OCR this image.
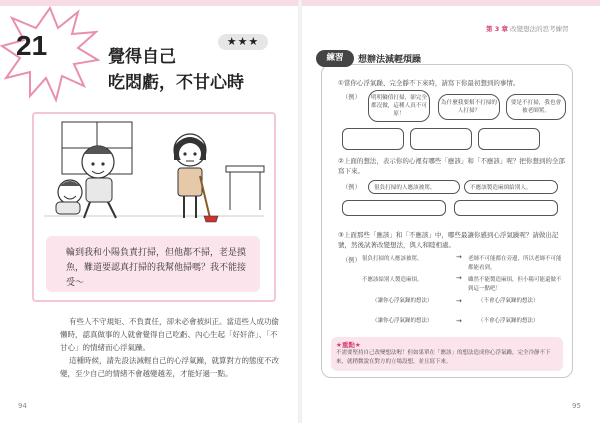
21	覺得自己
吃悶虧，不甘心時
★★★

輪到我和小陽負責打掃，但他都不掃，老是摸魚，難道要認真打掃的我幫他掃嗎？我不能接受～

有些人不守規矩、不負責任，卻未必會被糾正。當這些人成功偷懶時，認真做事的人就會覺得自己吃虧、內心生起「好奸詐」、「不甘心」的情緒而心浮氣躁。

這種時候，請先設法減輕自己的心浮氣躁，就算對方的態度不改變，至少自己的情緒不會越變越差，才能好過一點。

94
第 3 章 改變想法的思考練習
練習	想辦法減輕煩躁
①當你心浮氣躁、完全靜不下來時，請寫下你最初想到的事情。
（例）	明明輪值打掃，卻完全都沒做，這種人真不可原！
為什麼我要幫不打掃的人打掃？
要是不打掃，我也會被老師罵。
②上面的想法，表示你的心裡有哪些「應該」和「不應該」呢？把你想到的全部寫下來。
（例）	很負打掃的人應該被罵。	不應該製造麻煩給別人。
③上面那些「應該」和「不應該」中，哪些最讓你感到心浮氣躁呢？請做出記號，然後試著改變想法，與人和睦相處。
（例） 很負打掃的人應該被罵。	→ 老師不可能都在旁邊，所以老師不可能都能看到。
不應該給別人製造麻煩。	→ 雖然不能製造麻煩，但小陽可能還做不到這一點吧！
（讓你心浮氣躁的想法）	→	（不會心浮氣躁的想法）
（讓你心浮氣躁的想法）	→	（不會心浮氣躁的想法）
★重點★

不需要堅持自己改變想法喔！但如果單在「應該」的想法造成你心浮氣躁，完全冷靜不下來，就稍微說在對方的立場設想，並且寫下來。

95
